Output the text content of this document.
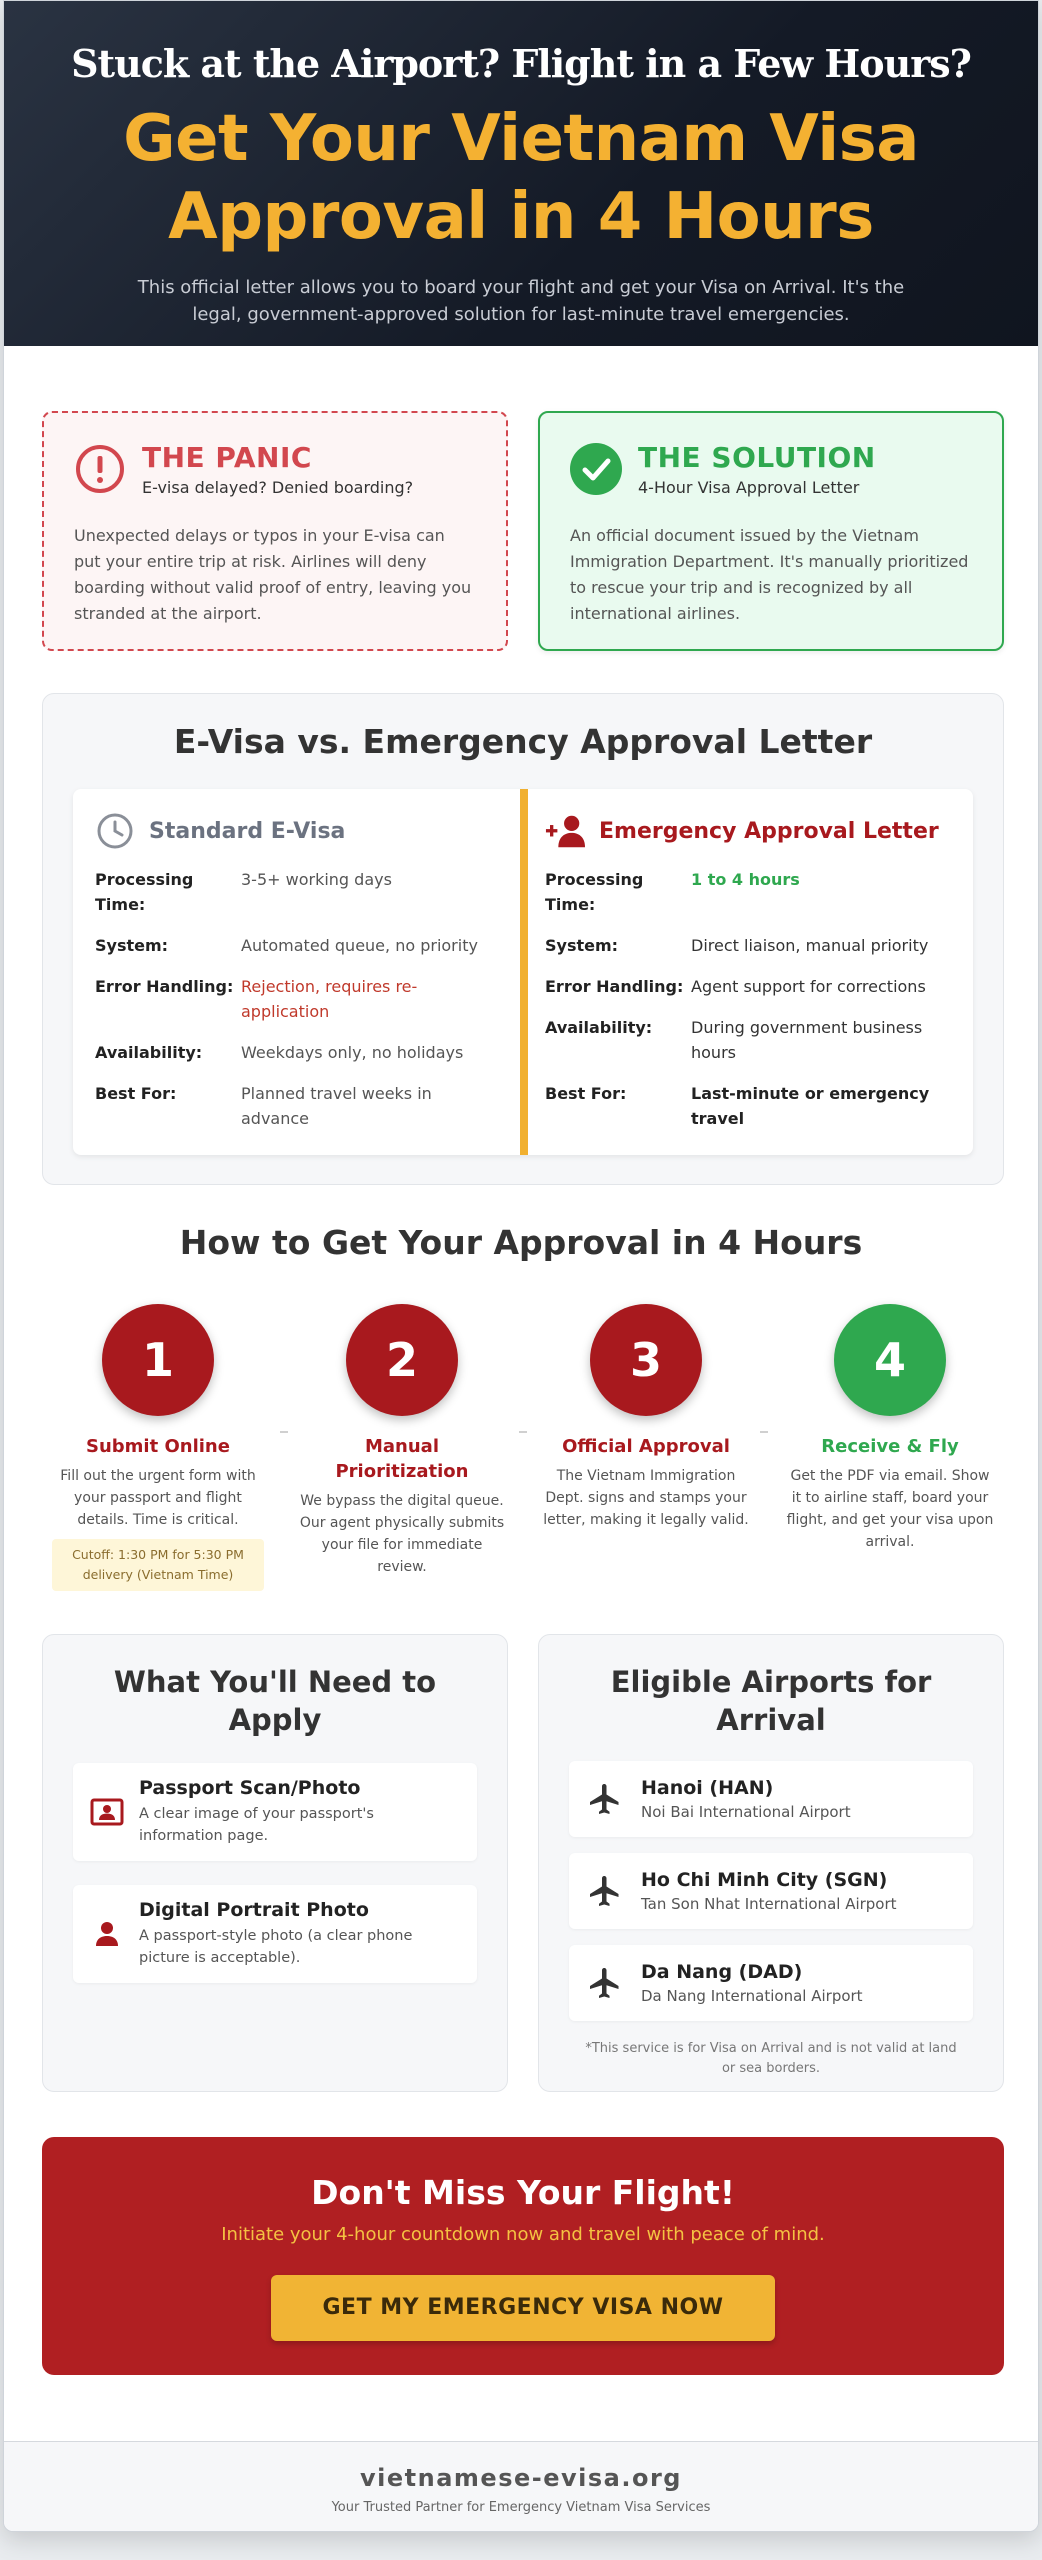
Stuck at the Airport? Flight in a Few Hours?
Get Your Vietnam Visa
Approval in 4 Hours

This official letter allows you to board your flight and get your Visa on Arrival. It's the legal, government-approved solution for last-minute travel emergencies.

THE PANIC
E-visa delayed? Denied boarding?
Unexpected delays or typos in your E-visa can put your entire trip at risk. Airlines will deny boarding without valid proof of entry, leaving you stranded at the airport.
THE SOLUTION
4-Hour Visa Approval Letter
An official document issued by the Vietnam Immigration Department. It's manually prioritized to rescue your trip and is recognized by all international airlines.
E-Visa vs. Emergency Approval Letter
Standard E-Visa
Processing Time:
3-5+ working days
System:	Automated queue, no priority
Error Handling: Rejection, requires re-application
Availability:	Weekdays only, no holidays
Best For:	Planned travel weeks in advance
Emergency Approval Letter
Processing Time:
1 to 4 hours
System:	Direct liaison, manual priority
Error Handling: Agent support for corrections
Availability:	During government business hours
Best For:	Last-minute or emergency travel
How to Get Your Approval in 4 Hours
1
Submit Online
Fill out the urgent form with your passport and flight details. Time is critical.
Cutoff: 1:30 PM for 5:30 PM delivery (Vietnam Time)
2
Manual Prioritization
We bypass the digital queue. Our agent physically submits your file for immediate review.
3
Official Approval
The Vietnam Immigration Dept. signs and stamps your letter, making it legally valid.
4
Receive & Fly
Get the PDF via email. Show it to airline staff, board your flight, and get your visa upon arrival.
What You'll Need to Apply
Passport Scan/Photo
A clear image of your passport's information page.
Digital Portrait Photo
A passport-style photo (a clear phone picture is acceptable).
Eligible Airports for Arrival
Hanoi (HAN)
Noi Bai International Airport
Ho Chi Minh City (SGN)
Tan Son Nhat International Airport
Da Nang (DAD)
Da Nang International Airport
*This service is for Visa on Arrival and is not valid at land or sea borders.
Don't Miss Your Flight!

Initiate your 4-hour countdown now and travel with peace of mind.

GET MY EMERGENCY VISA NOW
vietnamese-evisa.org
Your Trusted Partner for Emergency Vietnam Visa Services
